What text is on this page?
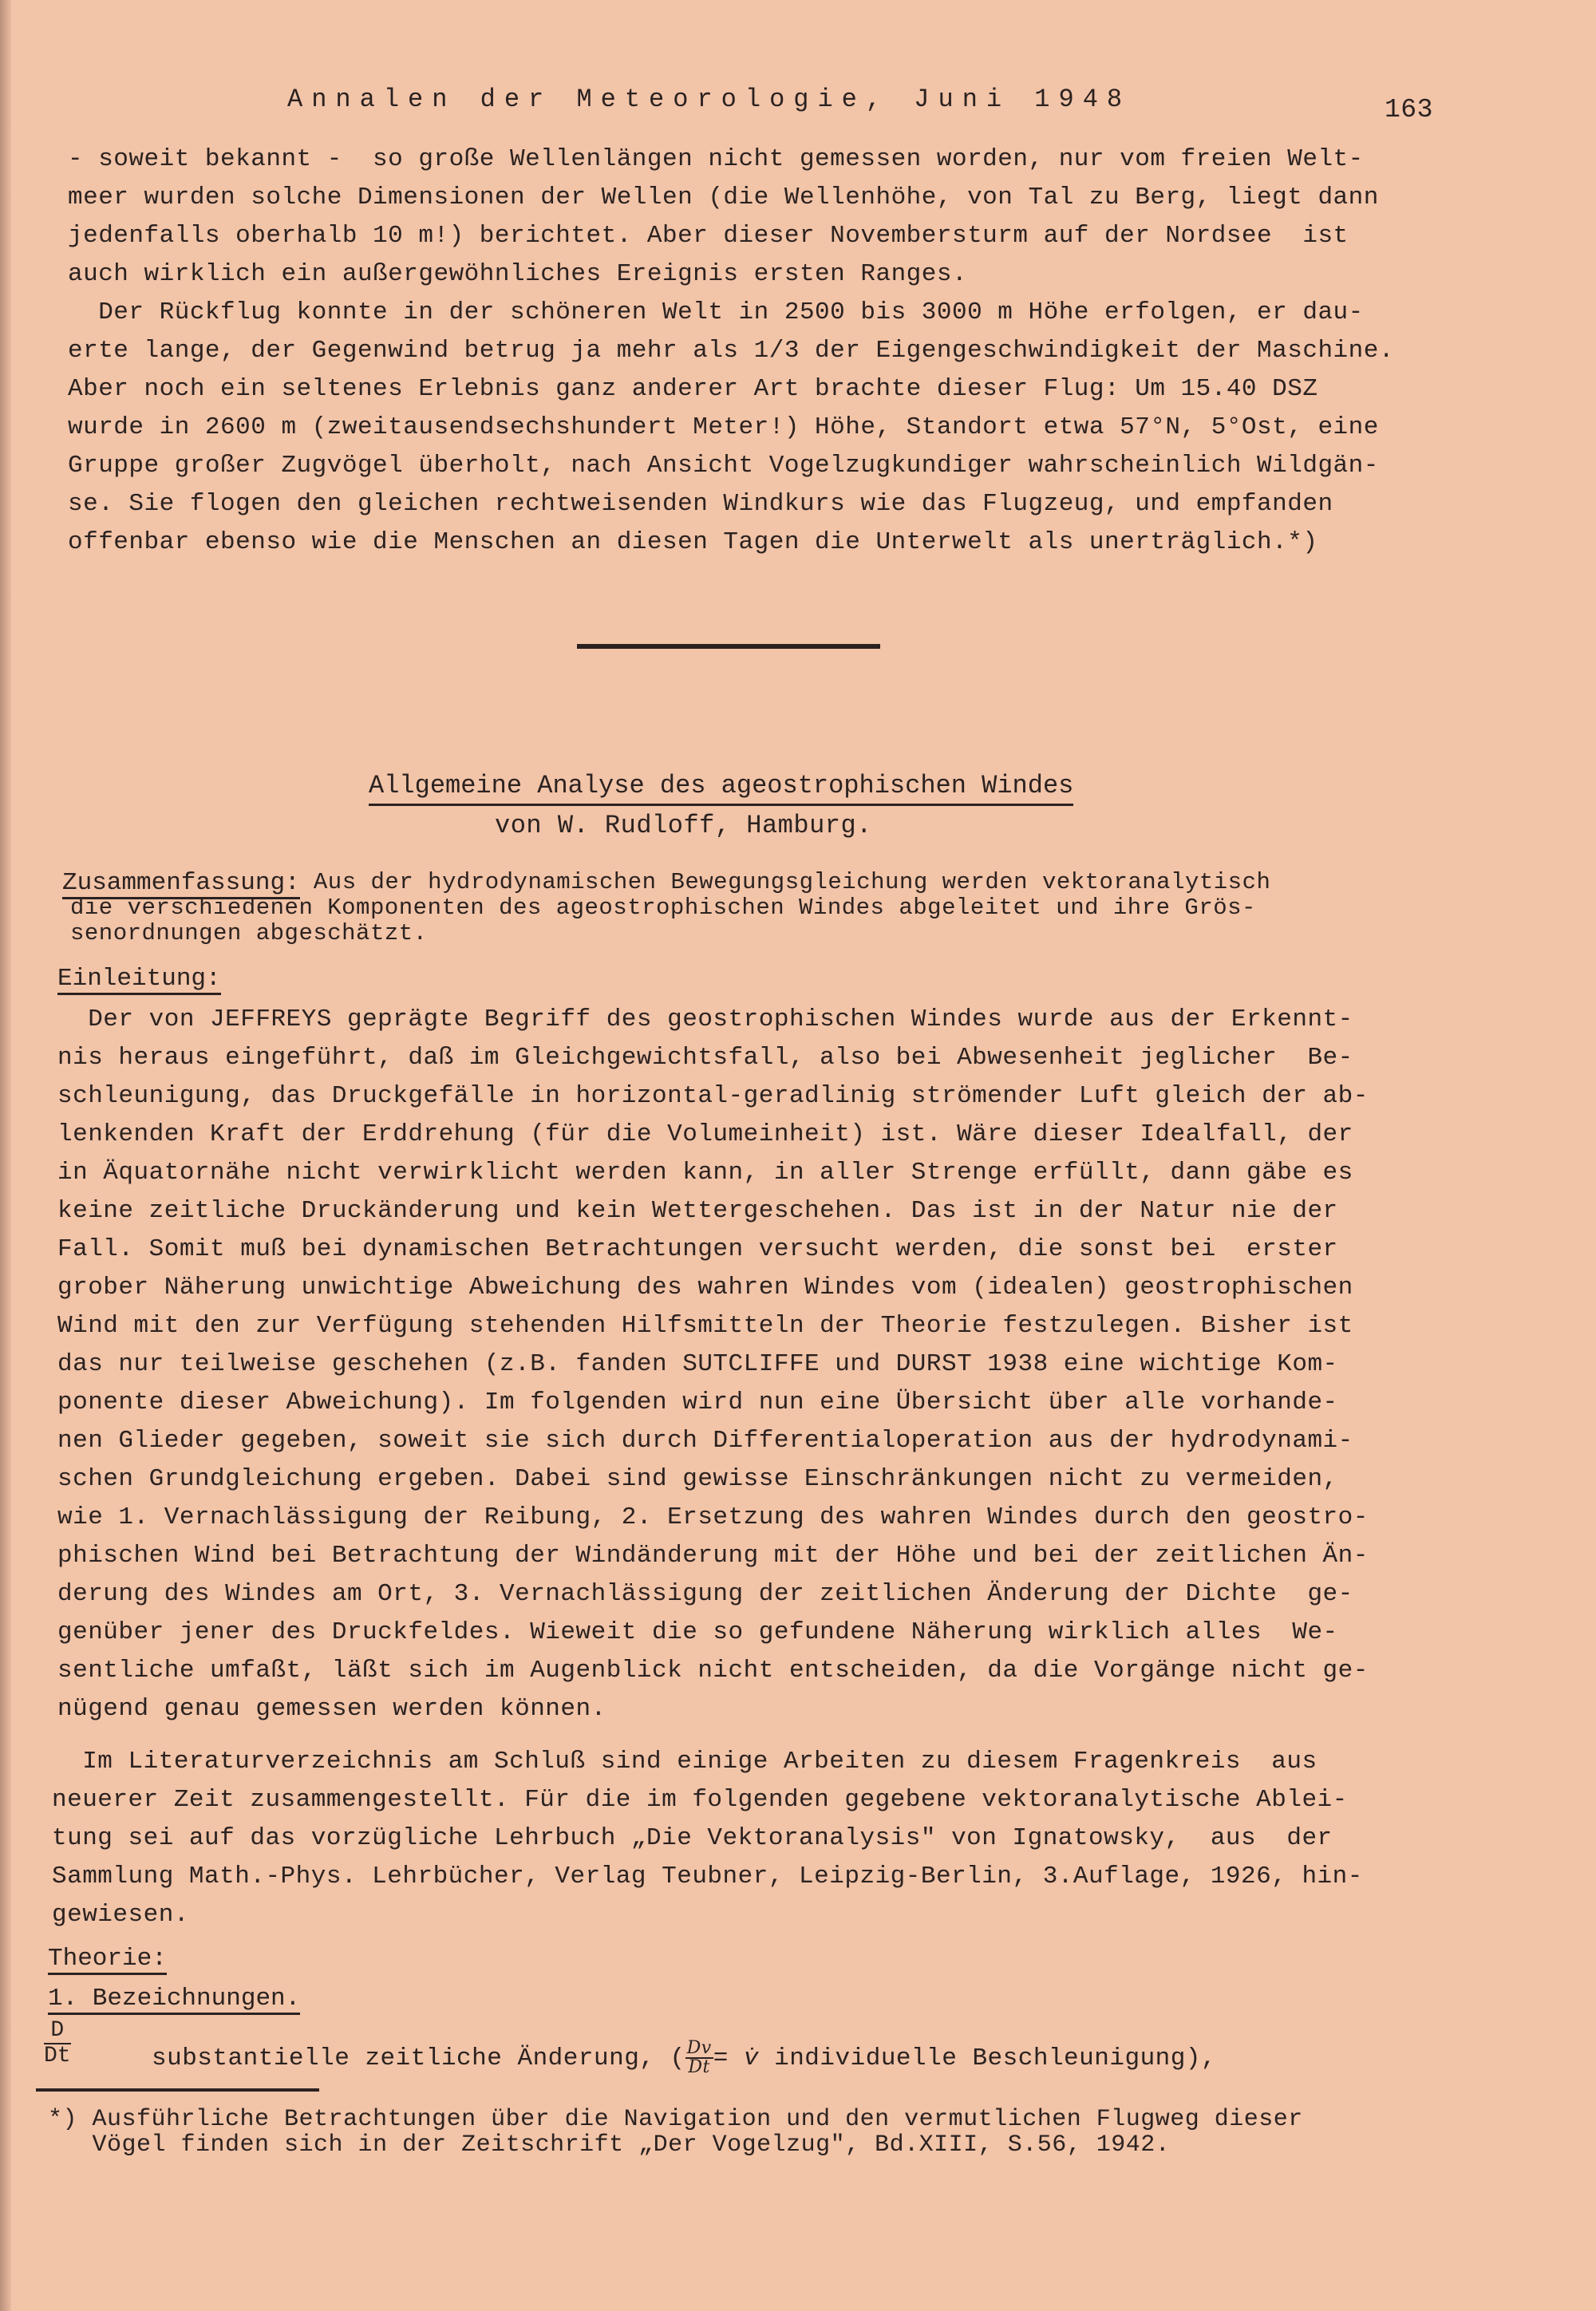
Annalen der Meteorologie, Juni 1948	163
- soweit bekannt -  so große Wellenlängen nicht gemessen worden, nur vom freien Welt-
meer wurden solche Dimensionen der Wellen (die Wellenhöhe, von Tal zu Berg, liegt dann
jedenfalls oberhalb 10 m!) berichtet. Aber dieser Novembersturm auf der Nordsee  ist
auch wirklich ein außergewöhnliches Ereignis ersten Ranges.
Der Rückflug konnte in der schöneren Welt in 2500 bis 3000 m Höhe erfolgen, er dau-
erte lange, der Gegenwind betrug ja mehr als 1/3 der Eigengeschwindigkeit der Maschine.
Aber noch ein seltenes Erlebnis ganz anderer Art brachte dieser Flug: Um 15.40 DSZ
wurde in 2600 m (zweitausendsechshundert Meter!) Höhe, Standort etwa 57°N, 5°Ost, eine
Gruppe großer Zugvögel überholt, nach Ansicht Vogelzugkundiger wahrscheinlich Wildgän-
se. Sie flogen den gleichen rechtweisenden Windkurs wie das Flugzeug, und empfanden
offenbar ebenso wie die Menschen an diesen Tagen die Unterwelt als unerträglich.*)
Allgemeine Analyse des ageostrophischen Windes
von W. Rudloff, Hamburg.
Zusammenfassung: Aus der hydrodynamischen Bewegungsgleichung werden vektoranalytisch
die verschiedenen Komponenten des ageostrophischen Windes abgeleitet und ihre Grös-
senordnungen abgeschätzt.
Einleitung:
Der von JEFFREYS geprägte Begriff des geostrophischen Windes wurde aus der Erkennt-
nis heraus eingeführt, daß im Gleichgewichtsfall, also bei Abwesenheit jeglicher  Be-
schleunigung, das Druckgefälle in horizontal-geradlinig strömender Luft gleich der ab-
lenkenden Kraft der Erddrehung (für die Volumeinheit) ist. Wäre dieser Idealfall, der
in Äquatornähe nicht verwirklicht werden kann, in aller Strenge erfüllt, dann gäbe es
keine zeitliche Druckänderung und kein Wettergeschehen. Das ist in der Natur nie der
Fall. Somit muß bei dynamischen Betrachtungen versucht werden, die sonst bei  erster
grober Näherung unwichtige Abweichung des wahren Windes vom (idealen) geostrophischen
Wind mit den zur Verfügung stehenden Hilfsmitteln der Theorie festzulegen. Bisher ist
das nur teilweise geschehen (z.B. fanden SUTCLIFFE und DURST 1938 eine wichtige Kom-
ponente dieser Abweichung). Im folgenden wird nun eine Übersicht über alle vorhande-
nen Glieder gegeben, soweit sie sich durch Differentialoperation aus der hydrodynami-
schen Grundgleichung ergeben. Dabei sind gewisse Einschränkungen nicht zu vermeiden,
wie 1. Vernachlässigung der Reibung, 2. Ersetzung des wahren Windes durch den geostro-
phischen Wind bei Betrachtung der Windänderung mit der Höhe und bei der zeitlichen Än-
derung des Windes am Ort, 3. Vernachlässigung der zeitlichen Änderung der Dichte  ge-
genüber jener des Druckfeldes. Wieweit die so gefundene Näherung wirklich alles  We-
sentliche umfaßt, läßt sich im Augenblick nicht entscheiden, da die Vorgänge nicht ge-
nügend genau gemessen werden können.
Im Literaturverzeichnis am Schluß sind einige Arbeiten zu diesem Fragenkreis  aus
neuerer Zeit zusammengestellt. Für die im folgenden gegebene vektoranalytische Ablei-
tung sei auf das vorzügliche Lehrbuch „Die Vektoranalysis" von Ignatowsky,  aus  der
Sammlung Math.-Phys. Lehrbücher, Verlag Teubner, Leipzig-Berlin, 3.Auflage, 1926, hin-
gewiesen.
Theorie:
1. Bezeichnungen.
$\frac{D}{Dt}$	substantielle zeitliche Änderung, ( $\frac{Dv}{Dt}=$ v̇ individuelle Beschleunigung),
*) Ausführliche Betrachtungen über die Navigation und den vermutlichen Flugweg dieser
Vögel finden sich in der Zeitschrift „Der Vogelzug", Bd.XIII, S.56, 1942.
